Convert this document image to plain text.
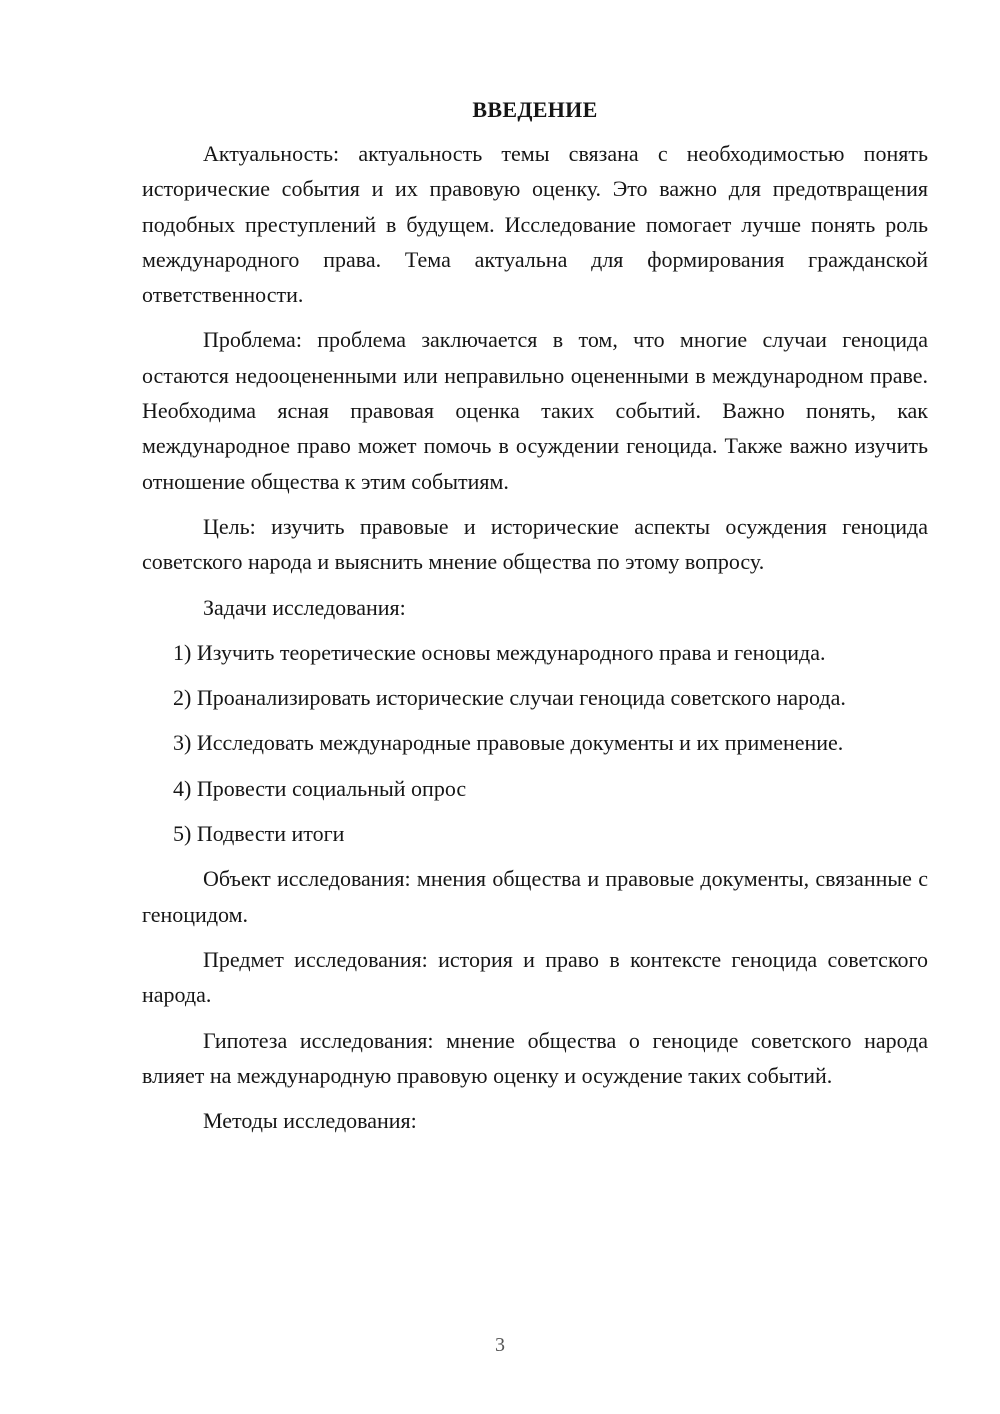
ВВЕДЕНИЕ

Актуальность: актуальность темы связана с необходимостью понять исторические события и их правовую оценку. Это важно для предотвращения подобных преступлений в будущем. Исследование помогает лучше понять роль международного права. Тема актуальна для формирования гражданской ответственности.

Проблема: проблема заключается в том, что многие случаи геноцида остаются недооцененными или неправильно оцененными в международном праве. Необходима ясная правовая оценка таких событий. Важно понять, как международное право может помочь в осуждении геноцида. Также важно изучить отношение общества к этим событиям.

Цель: изучить правовые и исторические аспекты осуждения геноцида советского народа и выяснить мнение общества по этому вопросу.

Задачи исследования:

1) Изучить теоретические основы международного права и геноцида.

2) Проанализировать исторические случаи геноцида советского народа.

3) Исследовать международные правовые документы и их применение.

4) Провести социальный опрос

5) Подвести итоги

Объект исследования: мнения общества и правовые документы, связанные с геноцидом.

Предмет исследования: история и право в контексте геноцида советского народа.

Гипотеза исследования: мнение общества о геноциде советского народа влияет на международную правовую оценку и осуждение таких событий.

Методы исследования:

3
